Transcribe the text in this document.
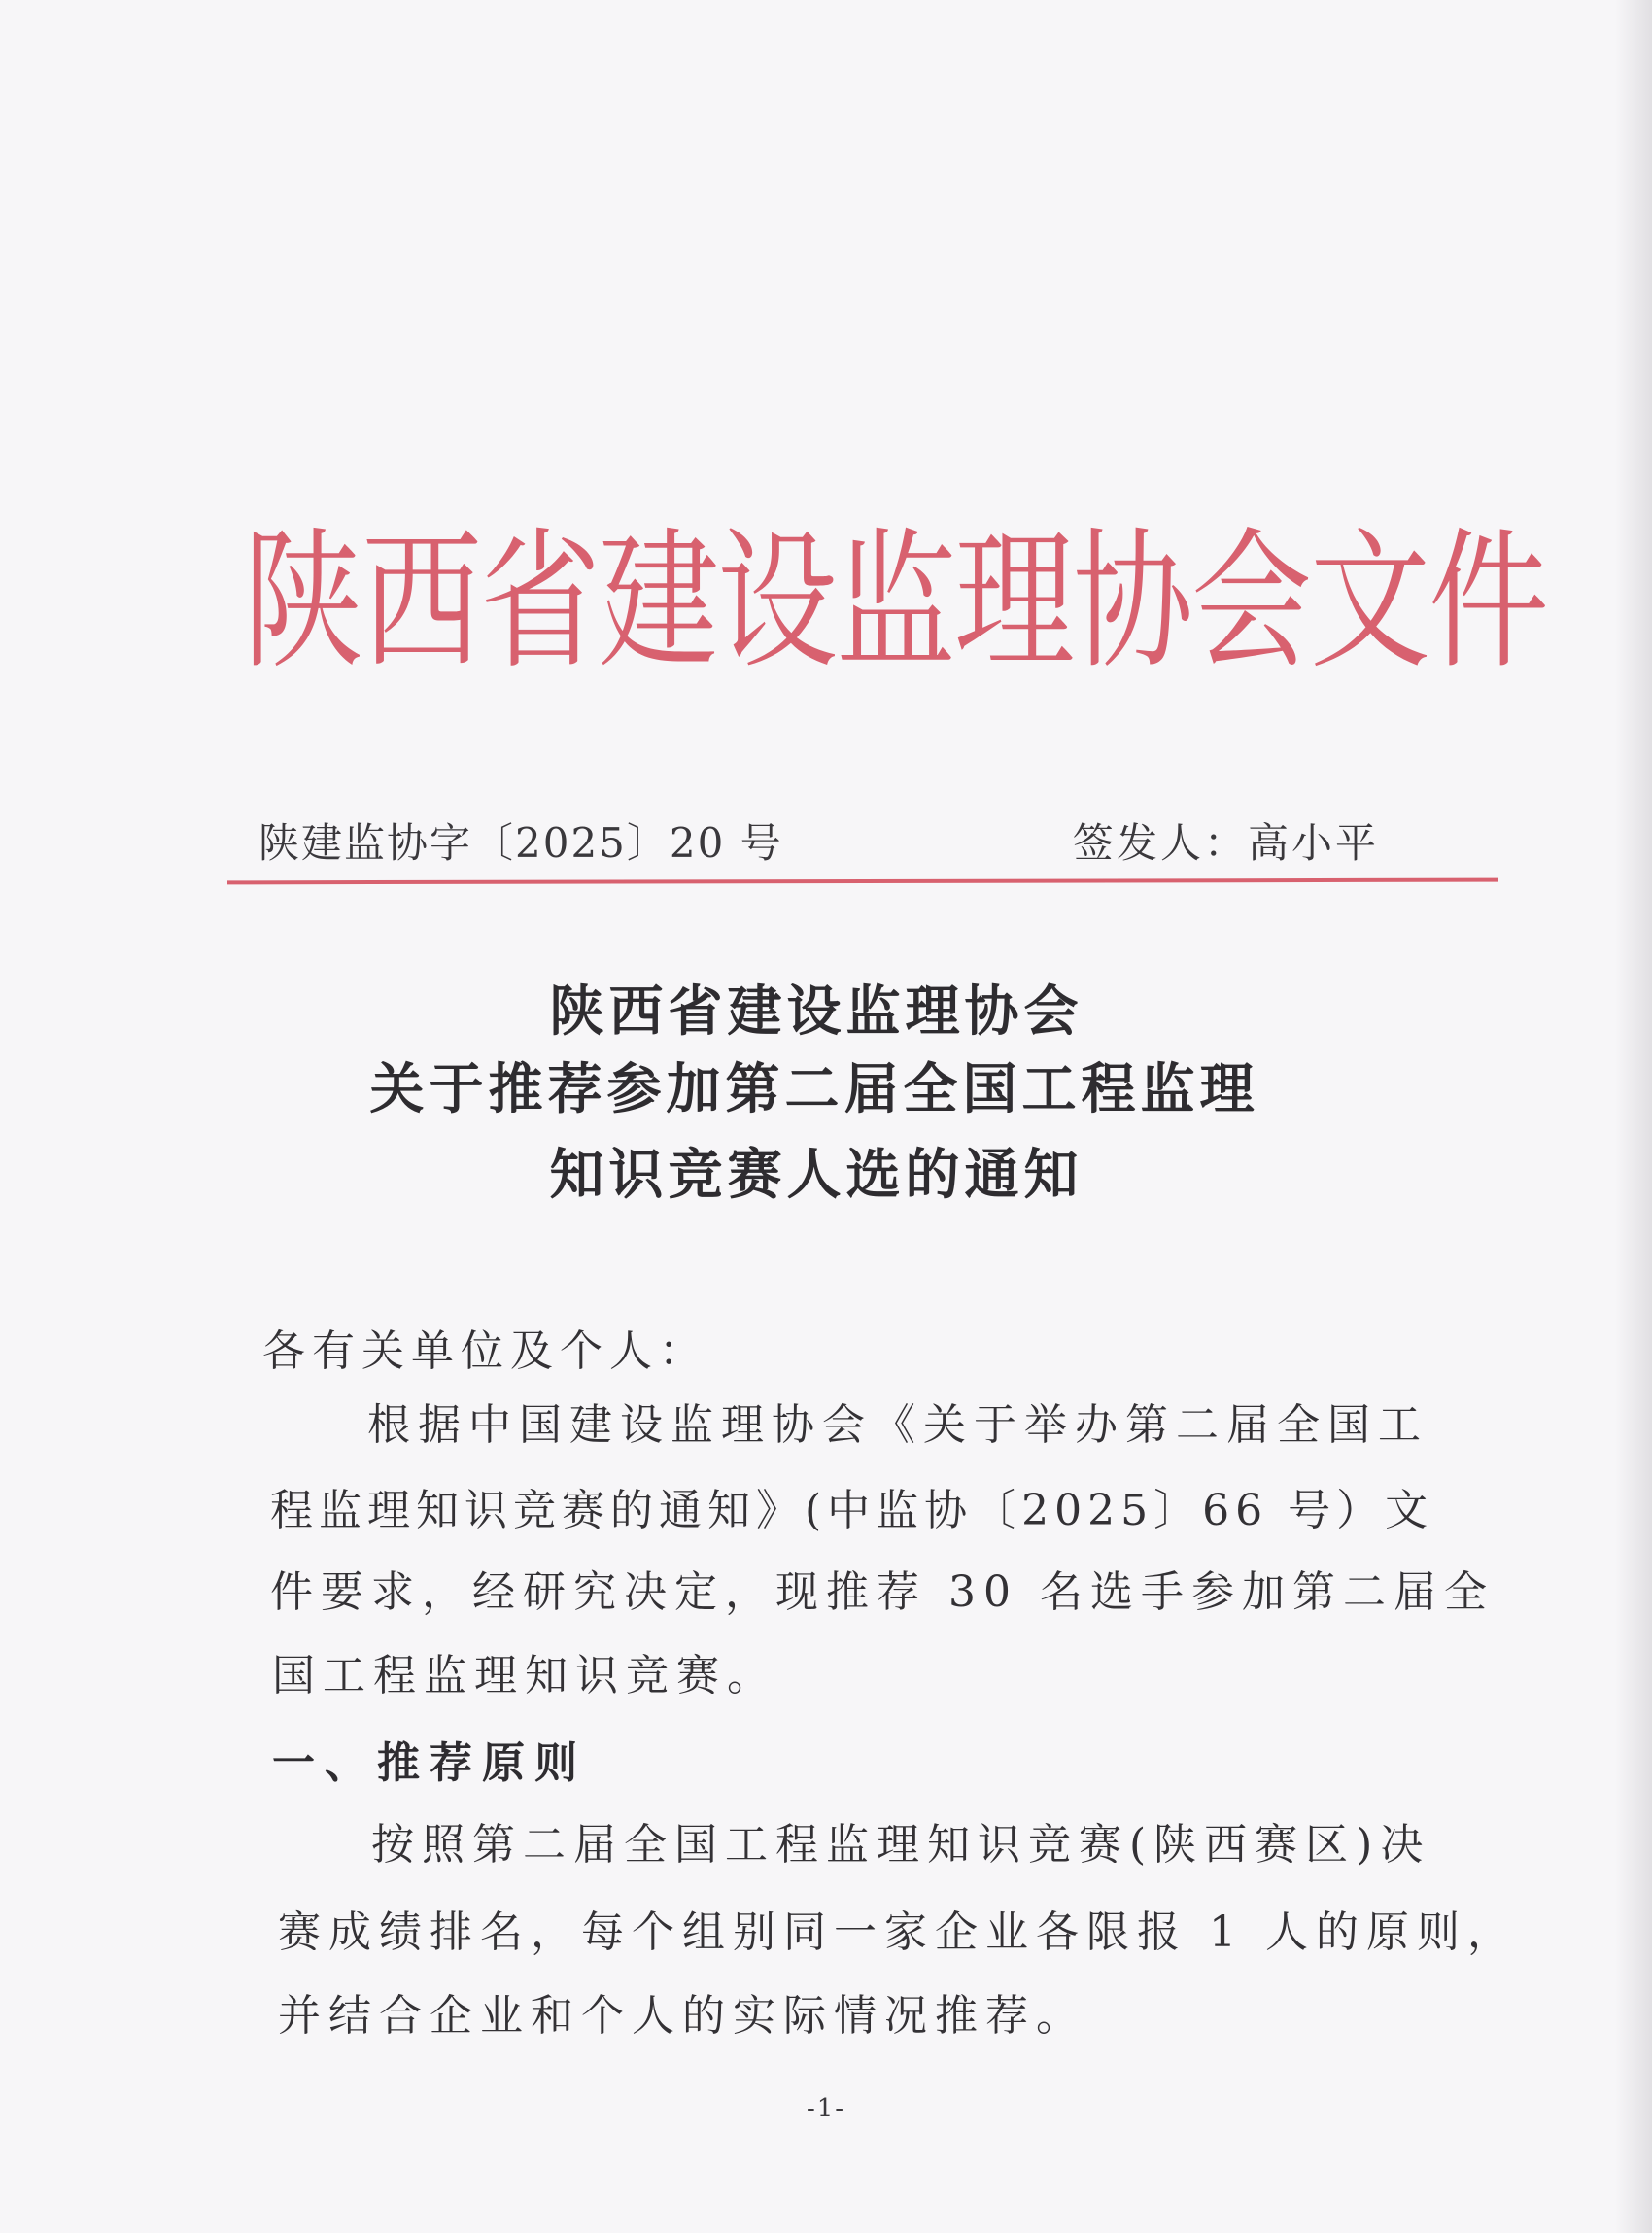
陕西省建设监理协会文件
陕建监协字〔2025〕20 号	签发人：高小平
陕西省建设监理协会
关于推荐参加第二届全国工程监理
知识竞赛人选的通知
各有关单位及个人：
根据中国建设监理协会《关于举办第二届全国工
程监理知识竞赛的通知》(中监协〔2025〕66 号）文
件要求，经研究决定，现推荐 30 名选手参加第二届全
国工程监理知识竞赛。
一、推荐原则
按照第二届全国工程监理知识竞赛(陕西赛区)决
赛成绩排名，每个组别同一家企业各限报 1 人的原则，
并结合企业和个人的实际情况推荐。
-1-
